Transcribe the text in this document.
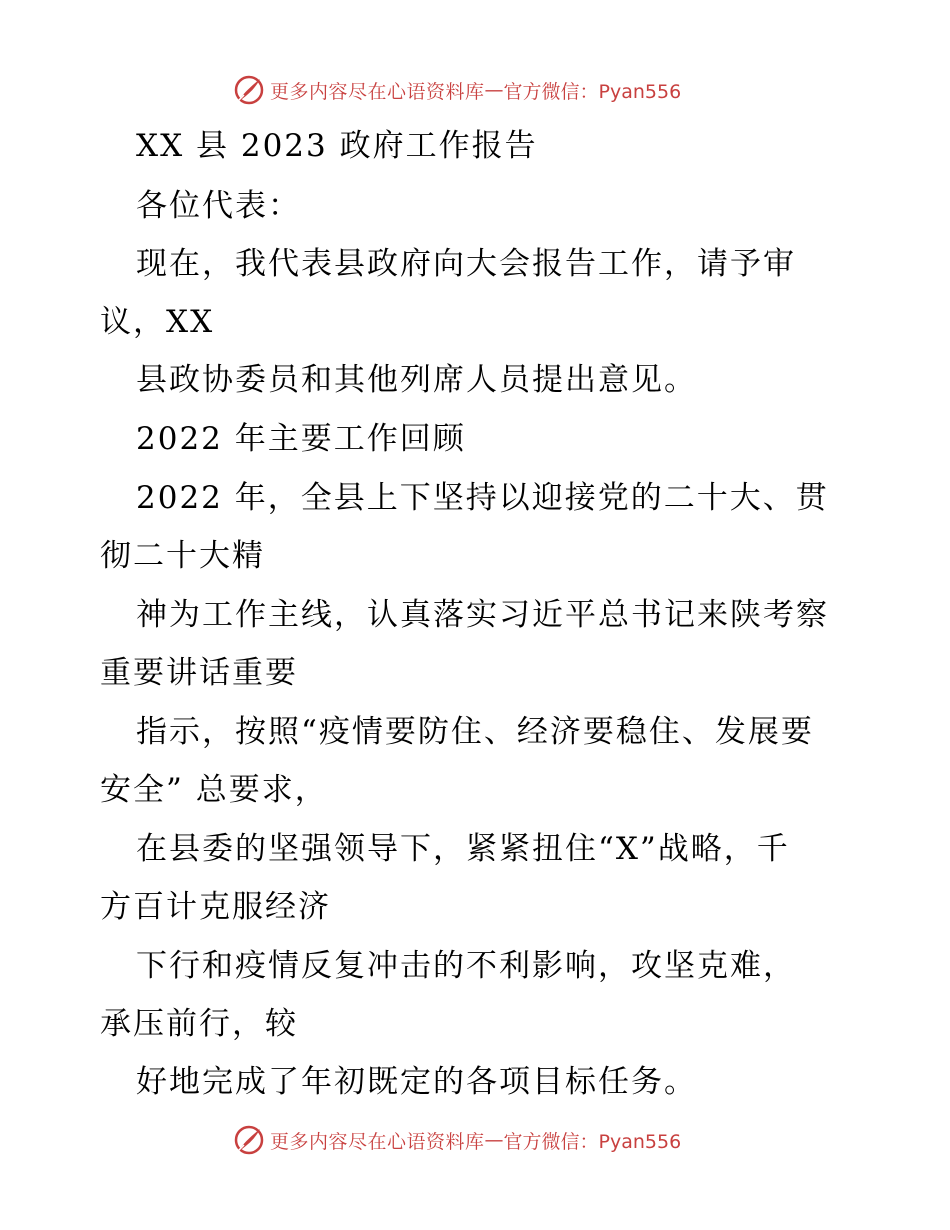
更多内容尽在心语资料库 — 官方微信：Pyan556
XX 县 2023 政府工作报告
各位代表：
现在，我代表县政府向大会报告工作，请予审
议，XX
县政协委员和其他列席人员提出意见。
2022 年主要工作回顾
2022 年，全县上下坚持以迎接党的二十大、贯
彻二十大精
神为工作主线，认真落实习近平总书记来陕考察
重要讲话重要
指示，按照“疫情要防住、经济要稳住、发展要
安全” 总要求，
在县委的坚强领导下，紧紧扭住“X”战略，千
方百计克服经济
下行和疫情反复冲击的不利影响，攻坚克难，
承压前行，较
好地完成了年初既定的各项目标任务。
更多内容尽在心语资料库 — 官方微信：Pyan556
